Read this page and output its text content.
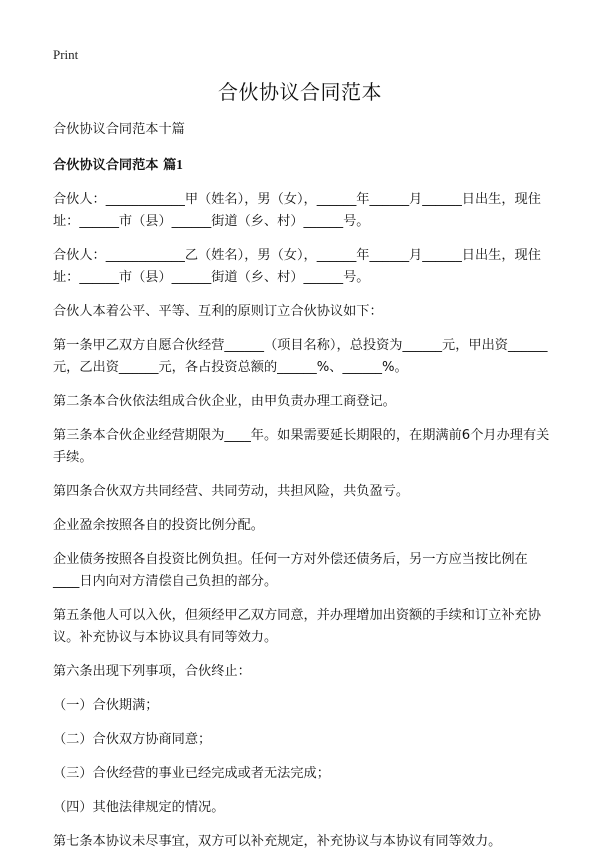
Print
合伙协议合同范本

合伙协议合同范本十篇

合伙协议合同范本 篇1

合伙人：____________甲（姓名），男（女），______年______月______日出生，现住址：______市（县）______街道（乡、村）______号。

合伙人：____________乙（姓名），男（女），______年______月______日出生，现住址：______市（县）______街道（乡、村）______号。

合伙人本着公平、平等、互利的原则订立合伙协议如下：

第一条甲乙双方自愿合伙经营______（项目名称），总投资为______元，甲出资______元，乙出资______元，各占投资总额的______%、______%。

第二条本合伙依法组成合伙企业，由甲负责办理工商登记。

第三条本合伙企业经营期限为____年。如果需要延长期限的，在期满前6个月办理有关手续。

第四条合伙双方共同经营、共同劳动，共担风险，共负盈亏。

企业盈余按照各自的投资比例分配。

企业债务按照各自投资比例负担。任何一方对外偿还债务后，另一方应当按比例在____日内向对方清偿自己负担的部分。

第五条他人可以入伙，但须经甲乙双方同意，并办理增加出资额的手续和订立补充协议。补充协议与本协议具有同等效力。

第六条出现下列事项，合伙终止：

（一）合伙期满；

（二）合伙双方协商同意；

（三）合伙经营的事业已经完成或者无法完成；

（四）其他法律规定的情况。

第七条本协议未尽事宜，双方可以补充规定，补充协议与本协议有同等效力。
